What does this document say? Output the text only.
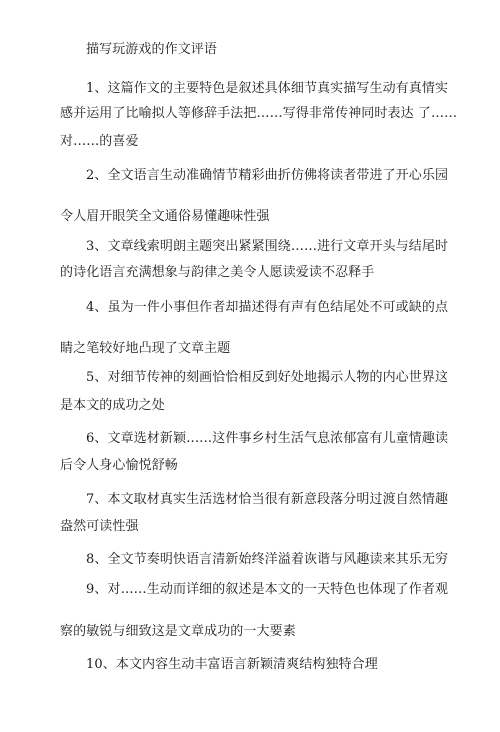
描写玩游戏的作文评语

1、这篇作文的主要特色是叙述具体细节真实描写生动有真情实

感并运用了比喻拟人等修辞手法把……写得非常传神同时表达 了……

对……的喜爱

2、全文语言生动准确情节精彩曲折仿佛将读者带进了开心乐园

令人眉开眼笑全文通俗易懂趣味性强

3、文章线索明朗主题突出紧紧围绕……进行文章开头与结尾时

的诗化语言充满想象与韵律之美令人愿读爱读不忍释手

4、虽为一件小事但作者却描述得有声有色结尾处不可或缺的点

睛之笔较好地凸现了文章主题

5、对细节传神的刻画恰恰相反到好处地揭示人物的内心世界这

是本文的成功之处

6、文章选材新颖……这件事乡村生活气息浓郁富有儿童情趣读

后令人身心愉悦舒畅

7、本文取材真实生活选材恰当很有新意段落分明过渡自然情趣

盎然可读性强

8、全文节奏明快语言清新始终洋溢着诙谐与风趣读来其乐无穷

9、对……生动而详细的叙述是本文的一天特色也体现了作者观

察的敏锐与细致这是文章成功的一大要素

10、本文内容生动丰富语言新颖清爽结构独特合理
